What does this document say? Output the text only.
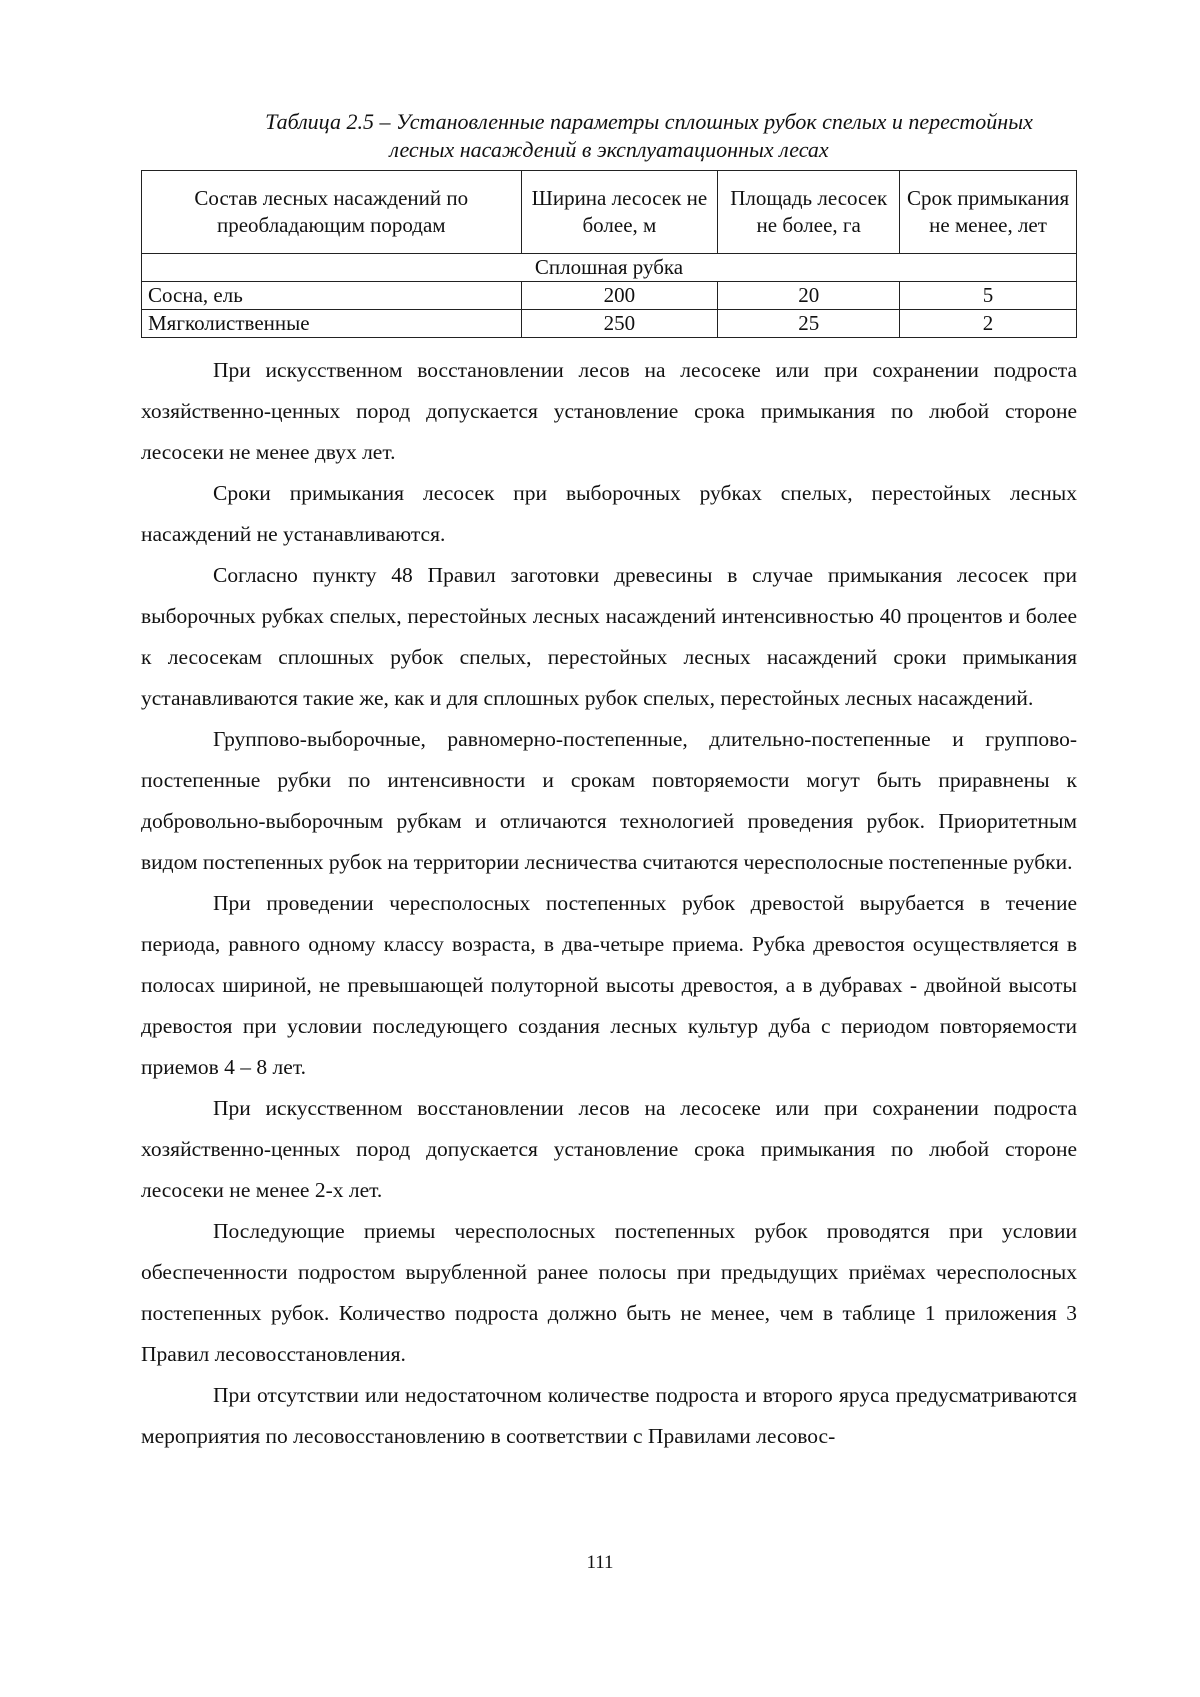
Таблица 2.5 – Установленные параметры сплошных рубок спелых и перестойных
лесных насаждений в эксплуатационных лесах
Состав лесных насаждений по преобладающим породам	Ширина лесосек не более, м	Площадь лесосек не более, га	Срок примыкания не менее, лет
Сплошная рубка			
Сосна, ель	200	20	5
Мягколиственные	250	25	2

При искусственном восстановлении лесов на лесосеке или при сохранении подроста хозяйственно-ценных пород допускается установление срока примыкания по любой стороне лесосеки не менее двух лет.

Сроки примыкания лесосек при выборочных рубках спелых, перестойных лесных насаждений не устанавливаются.

Согласно пункту 48 Правил заготовки древесины в случае примыкания лесосек при выборочных рубках спелых, перестойных лесных насаждений интенсивностью 40 процентов и более к лесосекам сплошных рубок спелых, перестойных лесных насаждений сроки примыкания устанавливаются такие же, как и для сплошных рубок спелых, перестойных лесных насаждений.

Группово-выборочные, равномерно-постепенные, длительно-постепенные и группово-постепенные рубки по интенсивности и срокам повторяемости могут быть приравнены к добровольно-выборочным рубкам и отличаются технологией проведения рубок. Приоритетным видом постепенных рубок на территории лесничества считаются чересполосные постепенные рубки.

При проведении чересполосных постепенных рубок древостой вырубается в течение периода, равного одному классу возраста, в два-четыре приема. Рубка древостоя осуществляется в полосах шириной, не превышающей полуторной высоты древостоя, а в дубравах - двойной высоты древостоя при условии последующего создания лесных культур дуба с периодом повторяемости приемов 4 – 8 лет.

При искусственном восстановлении лесов на лесосеке или при сохранении подроста хозяйственно-ценных пород допускается установление срока примыкания по любой стороне лесосеки не менее 2-х лет.

Последующие приемы чересполосных постепенных рубок проводятся при условии обеспеченности подростом вырубленной ранее полосы при предыдущих приёмах чересполосных постепенных рубок. Количество подроста должно быть не менее, чем в таблице 1 приложения 3 Правил лесовосстановления.

При отсутствии или недостаточном количестве подроста и второго яруса предусматриваются мероприятия по лесовосстановлению в соответствии с Правилами лесовос-

111
